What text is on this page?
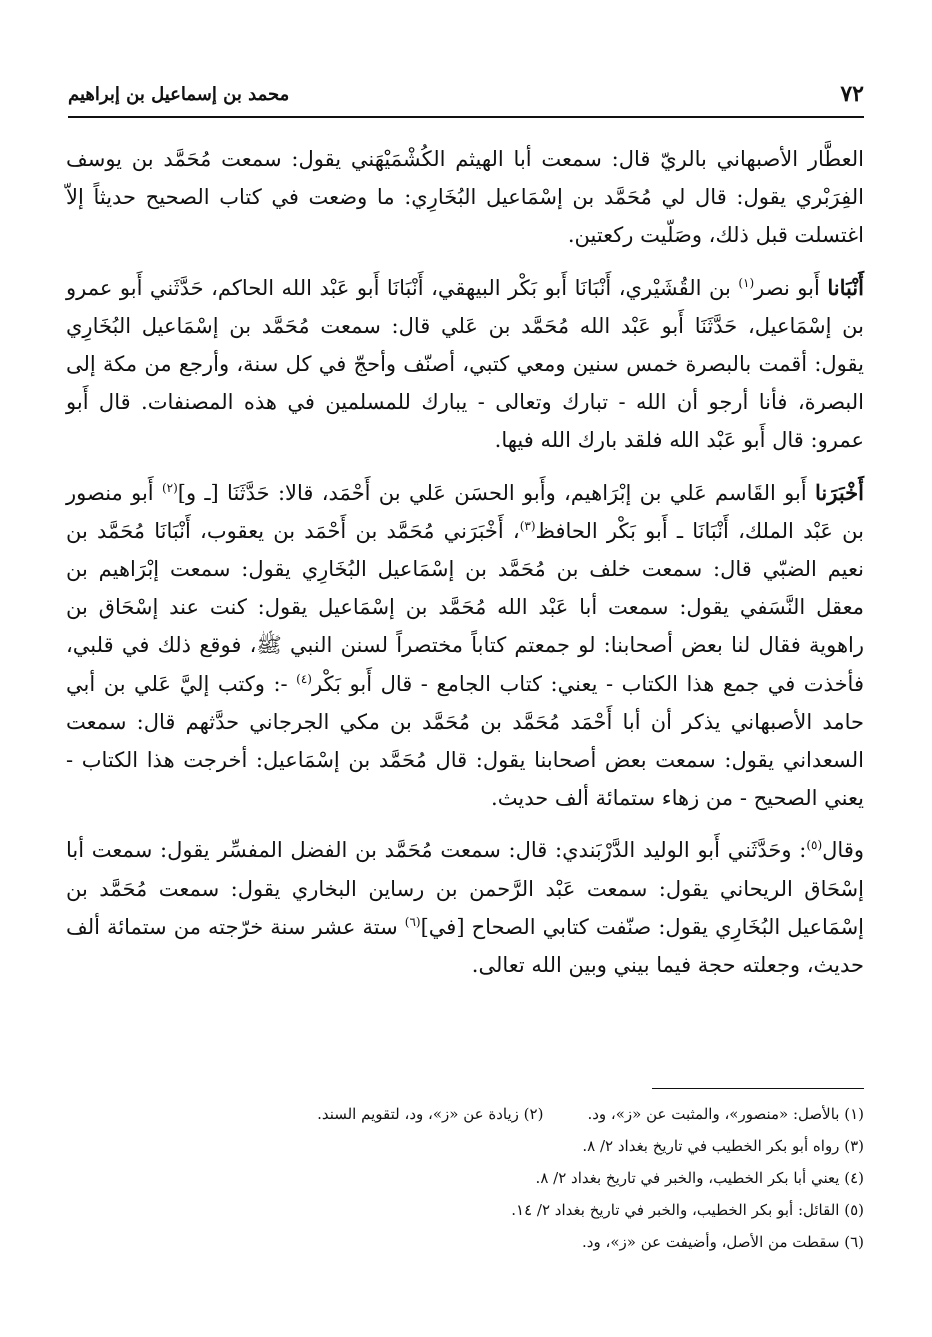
٧٢
محمد بن إسماعيل بن إبراهيم

العطَّار الأصبهاني بالريّ قال: سمعت أبا الهيثم الكُشْمَيْهَني يقول: سمعت مُحَمَّد بن يوسف الفِرَبْري يقول: قال لي مُحَمَّد بن إسْمَاعيل البُخَارِي: ما وضعت في كتاب الصحيح حديثاً إلاّ اغتسلت قبل ذلك، وصَلّيت ركعتين.

أَنْبَانا أَبو نصر$^{(١)}$ بن القُشَيْري، أَنْبَانَا أَبو بَكْر البيهقي، أَنْبَانَا أَبو عَبْد الله الحاكم، حَدَّثَني أَبو عمرو بن إسْمَاعيل، حَدَّثَنَا أَبو عَبْد الله مُحَمَّد بن عَلي قال: سمعت مُحَمَّد بن إسْمَاعيل البُخَارِي يقول: أقمت بالبصرة خمس سنين ومعي كتبي، أصنّف وأحجّ في كل سنة، وأرجع من مكة إلى البصرة، فأنا أرجو أن الله - تبارك وتعالى - يبارك للمسلمين في هذه المصنفات. قال أَبو عمرو: قال أَبو عَبْد الله فلقد بارك الله فيها.

أَخْبَرَنا أَبو القَاسم عَلي بن إبْرَاهيم، وأَبو الحسَن عَلي بن أَحْمَد، قالا: حَدَّثَنَا [ـ و]$^{(٢)}$ أَبو منصور بن عَبْد الملك، أَنْبَانَا ـ أَبو بَكْر الحافظ$^{(٣)}$، أَخْبَرَني مُحَمَّد بن أَحْمَد بن يعقوب، أَنْبَانَا مُحَمَّد بن نعيم الضبّي قال: سمعت خلف بن مُحَمَّد بن إسْمَاعيل البُخَارِي يقول: سمعت إبْرَاهيم بن معقل النَّسَفي يقول: سمعت أبا عَبْد الله مُحَمَّد بن إسْمَاعيل يقول: كنت عند إسْحَاق بن راهوية فقال لنا بعض أصحابنا: لو جمعتم كتاباً مختصراً لسنن النبي ﷺ، فوقع ذلك في قلبي، فأخذت في جمع هذا الكتاب - يعني: كتاب الجامع - قال أَبو بَكْر$^{(٤)}$ -: وكتب إليَّ عَلي بن أبي حامد الأصبهاني يذكر أن أبا أَحْمَد مُحَمَّد بن مُحَمَّد بن مكي الجرجاني حدَّثهم قال: سمعت السعداني يقول: سمعت بعض أصحابنا يقول: قال مُحَمَّد بن إسْمَاعيل: أخرجت هذا الكتاب - يعني الصحيح - من زهاء ستمائة ألف حديث.

وقال$^{(٥)}$: وحَدَّثَني أَبو الوليد الدَّرْبَندي: قال: سمعت مُحَمَّد بن الفضل المفسِّر يقول: سمعت أبا إسْحَاق الريحاني يقول: سمعت عَبْد الرَّحمن بن رساين البخاري يقول: سمعت مُحَمَّد بن إسْمَاعيل البُخَارِي يقول: صنّفت كتابي الصحاح [في]$^{(٦)}$ ستة عشر سنة خرّجته من ستمائة ألف حديث، وجعلته حجة فيما بيني وبين الله تعالى.

(١) بالأصل: «منصور»، والمثبت عن «ز»، ود.
(٢) زيادة عن «ز»، ود، لتقويم السند.
(٣) رواه أبو بكر الخطيب في تاريخ بغداد ٢/ ٨.
(٤) يعني أبا بكر الخطيب، والخبر في تاريخ بغداد ٢/ ٨.
(٥) القائل: أبو بكر الخطيب، والخبر في تاريخ بغداد ٢/ ١٤.
(٦) سقطت من الأصل، وأضيفت عن «ز»، ود.
